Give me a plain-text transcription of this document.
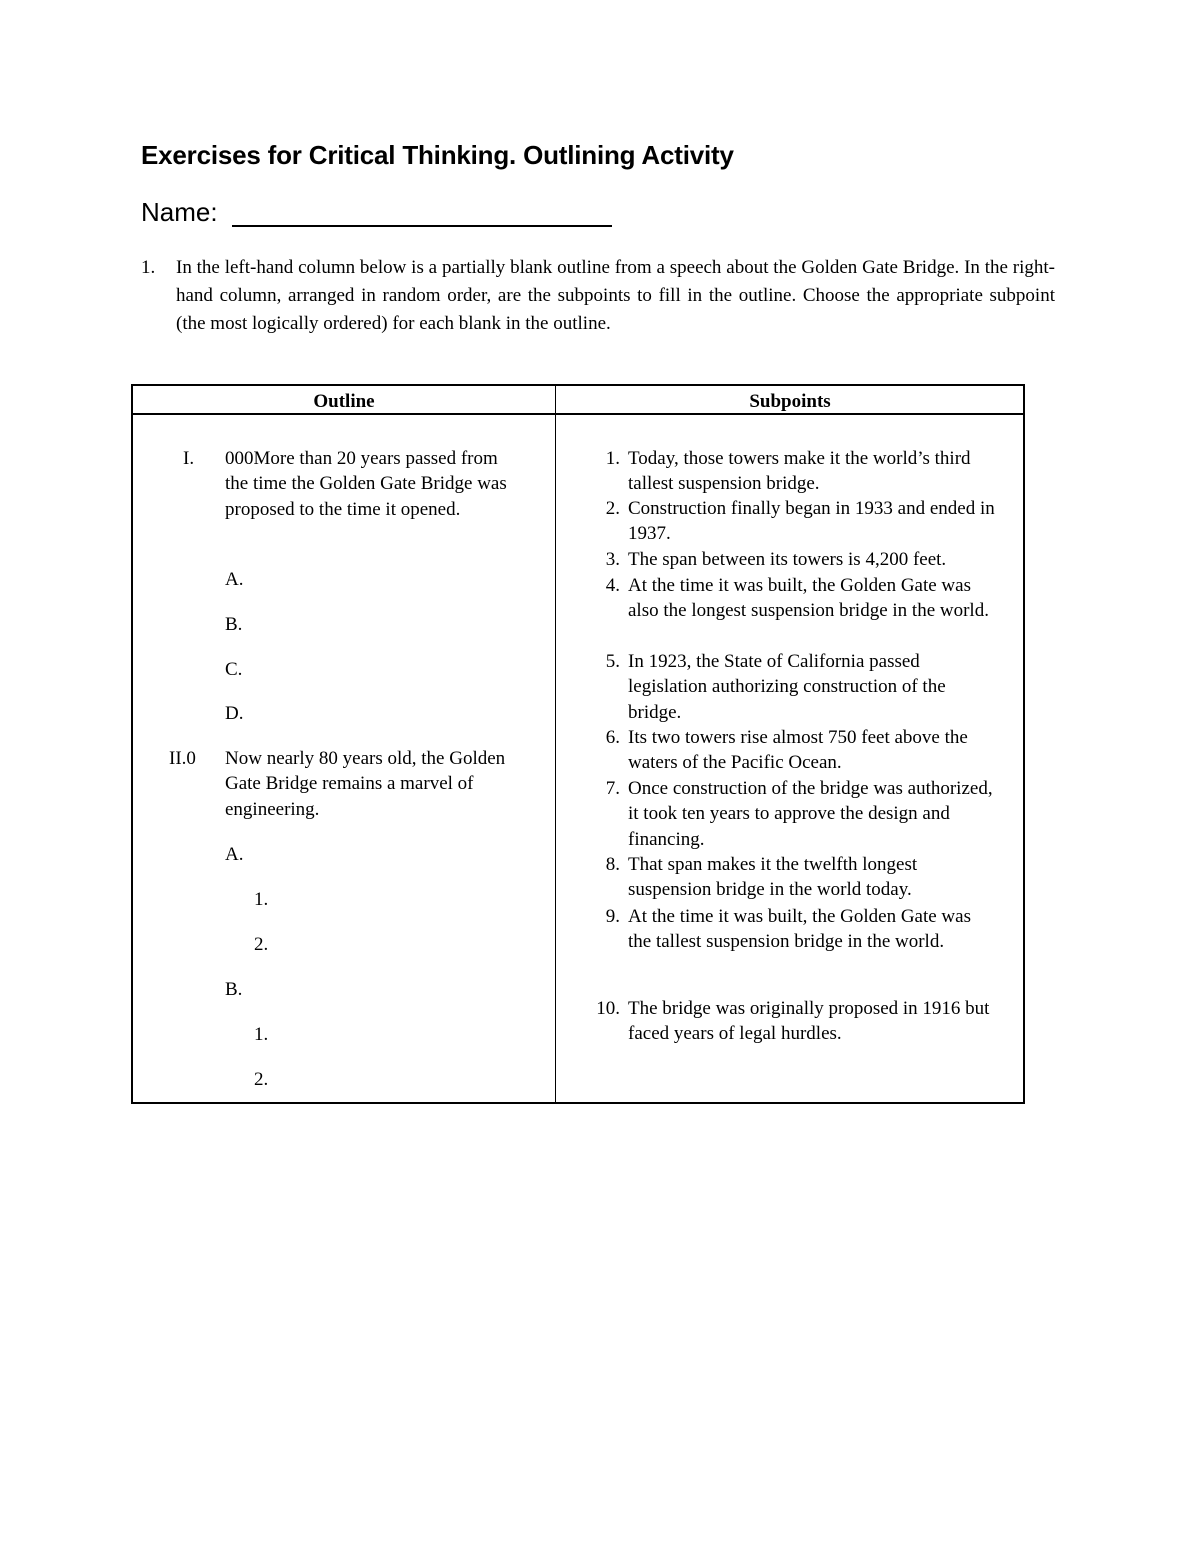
Exercises for Critical Thinking. Outlining Activity
Name:
1. In the left-hand column below is a partially blank outline from a speech about the Golden Gate Bridge. In the right-hand column, arranged in random order, are the subpoints to fill in the outline. Choose the appropriate subpoint (the most logically ordered) for each blank in the outline.
Outline	Subpoints
I. 000More than 20 years passed from the time the Golden Gate Bridge was proposed to the time it opened.
A.
B.
C.
D.
II.0 Now nearly 80 years old, the Golden Gate Bridge remains a marvel of engineering.
A.
1.
2.
B.
1.
2.
1. Today, those towers make it the world’s third tallest suspension bridge.
2. Construction finally began in 1933 and ended in 1937.
3. The span between its towers is 4,200 feet.
4. At the time it was built, the Golden Gate was also the longest suspension bridge in the world.
5. In 1923, the State of California passed legislation authorizing construction of the bridge.
6. Its two towers rise almost 750 feet above the waters of the Pacific Ocean.
7. Once construction of the bridge was authorized, it took ten years to approve the design and financing.
8. That span makes it the twelfth longest suspension bridge in the world today.
9. At the time it was built, the Golden Gate was the tallest suspension bridge in the world.
10. The bridge was originally proposed in 1916 but faced years of legal hurdles.
